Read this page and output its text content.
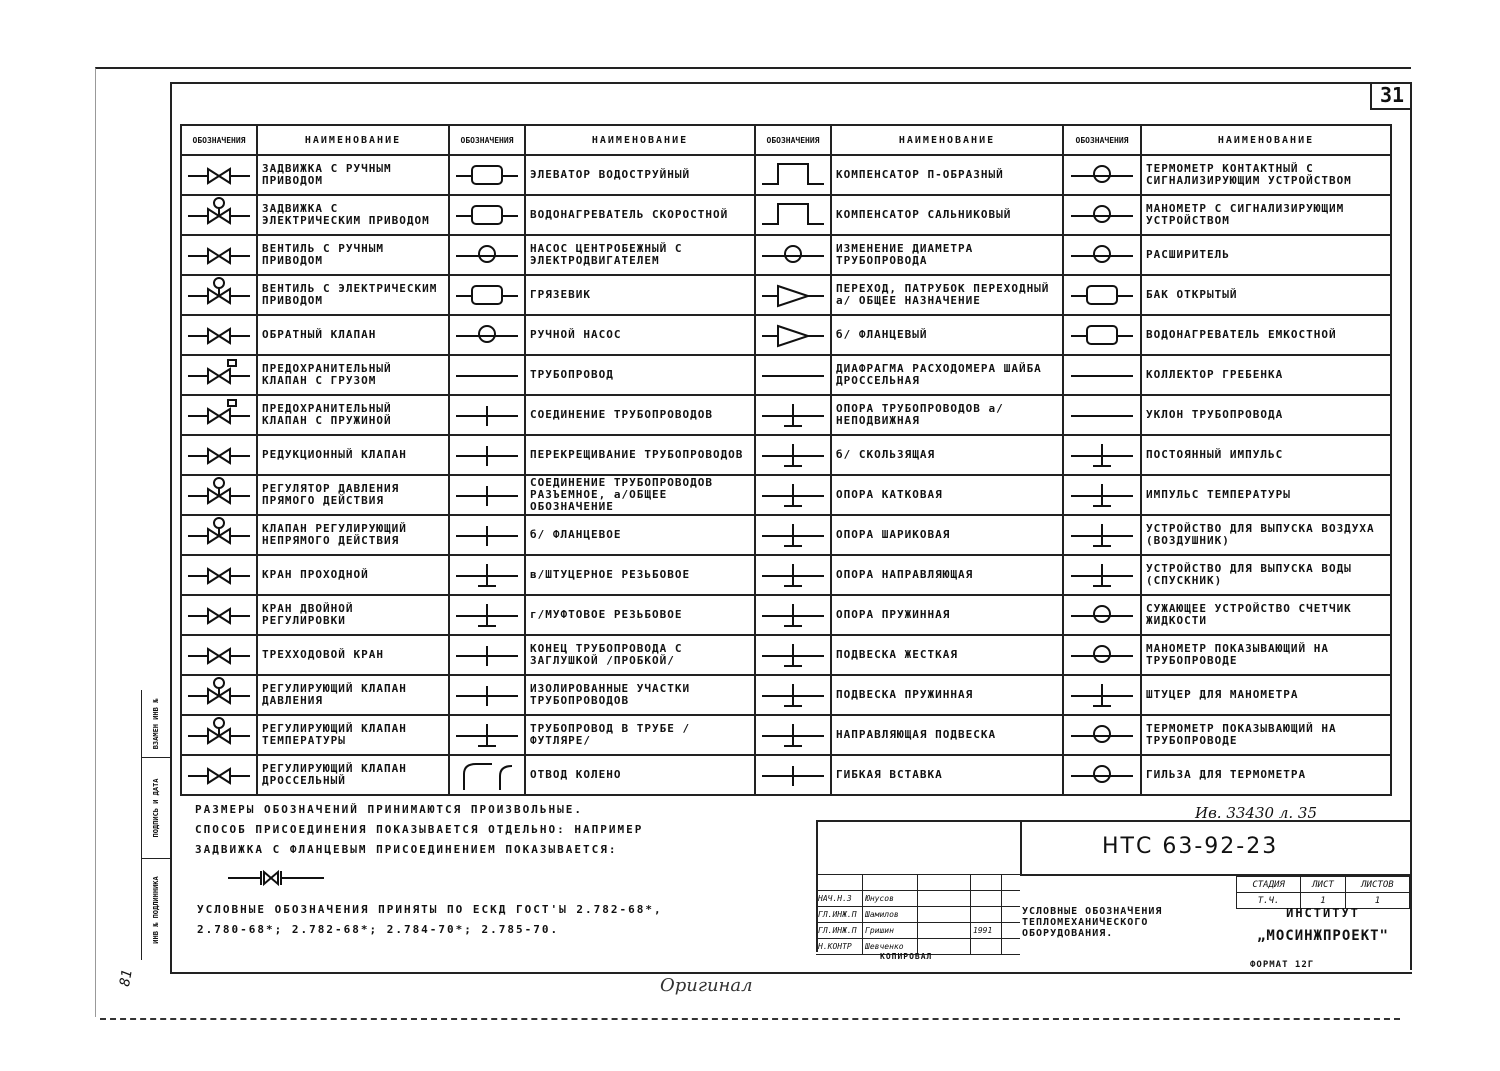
31
ОБОЗНАЧЕНИЯ	НАИМЕНОВАНИЕ	ОБОЗНАЧЕНИЯ	НАИМЕНОВАНИЕ	ОБОЗНАЧЕНИЯ	НАИМЕНОВАНИЕ	ОБОЗНАЧЕНИЯ	НАИМЕНОВАНИЕ

	ЗАДВИЖКА С РУЧНЫМ ПРИВОДОМ		ЭЛЕВАТОР ВОДОСТРУЙНЫЙ		КОМПЕНСАТОР П-ОБРАЗНЫЙ		ТЕРМОМЕТР КОНТАКТНЫЙ С СИГНАЛИЗИРУЮЩИМ УСТРОЙСТВОМ

	ЗАДВИЖКА С ЭЛЕКТРИЧЕСКИМ ПРИВОДОМ		ВОДОНАГРЕВАТЕЛЬ СКОРОСТНОЙ		КОМПЕНСАТОР САЛЬНИКОВЫЙ		МАНОМЕТР С СИГНАЛИЗИРУЮЩИМ УСТРОЙСТВОМ

	ВЕНТИЛЬ С РУЧНЫМ ПРИВОДОМ		НАСОС ЦЕНТРОБЕЖНЫЙ С ЭЛЕКТРОДВИГАТЕЛЕМ		ИЗМЕНЕНИЕ ДИАМЕТРА ТРУБОПРОВОДА		РАСШИРИТЕЛЬ

	ВЕНТИЛЬ С ЭЛЕКТРИЧЕСКИМ ПРИВОДОМ		ГРЯЗЕВИК		ПЕРЕХОД, ПАТРУБОК ПЕРЕХОДНЫЙ а/ ОБЩЕЕ НАЗНАЧЕНИЕ		БАК ОТКРЫТЫЙ

	ОБРАТНЫЙ КЛАПАН		РУЧНОЙ НАСОС		б/ ФЛАНЦЕВЫЙ		ВОДОНАГРЕВАТЕЛЬ ЕМКОСТНОЙ

	ПРЕДОХРАНИТЕЛЬНЫЙ КЛАПАН С ГРУЗОМ		ТРУБОПРОВОД		ДИАФРАГМА РАСХОДОМЕРА ШАЙБА ДРОССЕЛЬНАЯ		КОЛЛЕКТОР ГРЕБЕНКА

	ПРЕДОХРАНИТЕЛЬНЫЙ КЛАПАН С ПРУЖИНОЙ		СОЕДИНЕНИЕ ТРУБОПРОВОДОВ		ОПОРА ТРУБОПРОВОДОВ а/ НЕПОДВИЖНАЯ		УКЛОН ТРУБОПРОВОДА

	РЕДУКЦИОННЫЙ КЛАПАН		ПЕРЕКРЕЩИВАНИЕ ТРУБОПРОВОДОВ		б/ СКОЛЬЗЯЩАЯ		ПОСТОЯННЫЙ ИМПУЛЬС

	РЕГУЛЯТОР ДАВЛЕНИЯ ПРЯМОГО ДЕЙСТВИЯ		СОЕДИНЕНИЕ ТРУБОПРОВОДОВ РАЗЪЕМНОЕ, а/ОБЩЕЕ ОБОЗНАЧЕНИЕ		ОПОРА КАТКОВАЯ		ИМПУЛЬС ТЕМПЕРАТУРЫ

	КЛАПАН РЕГУЛИРУЮЩИЙ НЕПРЯМОГО ДЕЙСТВИЯ		б/ ФЛАНЦЕВОЕ		ОПОРА ШАРИКОВАЯ		УСТРОЙСТВО ДЛЯ ВЫПУСКА ВОЗДУХА (ВОЗДУШНИК)

	КРАН ПРОХОДНОЙ		в/ШТУЦЕРНОЕ РЕЗЬБОВОЕ		ОПОРА НАПРАВЛЯЮЩАЯ		УСТРОЙСТВО ДЛЯ ВЫПУСКА ВОДЫ (СПУСКНИК)

	КРАН ДВОЙНОЙ РЕГУЛИРОВКИ		г/МУФТОВОЕ РЕЗЬБОВОЕ		ОПОРА ПРУЖИННАЯ		СУЖАЮЩЕЕ УСТРОЙСТВО СЧЕТЧИК ЖИДКОСТИ

	ТРЕХХОДОВОЙ КРАН		КОНЕЦ ТРУБОПРОВОДА С ЗАГЛУШКОЙ /ПРОБКОЙ/		ПОДВЕСКА ЖЕСТКАЯ		МАНОМЕТР ПОКАЗЫВАЮЩИЙ НА ТРУБОПРОВОДЕ

	РЕГУЛИРУЮЩИЙ КЛАПАН ДАВЛЕНИЯ		ИЗОЛИРОВАННЫЕ УЧАСТКИ ТРУБОПРОВОДОВ		ПОДВЕСКА ПРУЖИННАЯ		ШТУЦЕР ДЛЯ МАНОМЕТРА

	РЕГУЛИРУЮЩИЙ КЛАПАН ТЕМПЕРАТУРЫ		ТРУБОПРОВОД В ТРУБЕ /ФУТЛЯРЕ/		НАПРАВЛЯЮЩАЯ ПОДВЕСКА		ТЕРМОМЕТР ПОКАЗЫВАЮЩИЙ НА ТРУБОПРОВОДЕ

	РЕГУЛИРУЮЩИЙ КЛАПАН ДРОССЕЛЬНЫЙ		ОТВОД КОЛЕНО		ГИБКАЯ ВСТАВКА		ГИЛЬЗА ДЛЯ ТЕРМОМЕТРА

РАЗМЕРЫ ОБОЗНАЧЕНИЙ ПРИНИМАЮТСЯ ПРОИЗВОЛЬНЫЕ.

СПОСОБ ПРИСОЕДИНЕНИЯ ПОКАЗЫВАЕТСЯ ОТДЕЛЬНО: НАПРИМЕР

ЗАДВИЖКА С ФЛАНЦЕВЫМ ПРИСОЕДИНЕНИЕМ ПОКАЗЫВАЕТСЯ:

УСЛОВНЫЕ ОБОЗНАЧЕНИЯ ПРИНЯТЫ ПО ЕСКД ГОСТ'Ы 2.782-68*,
2.780-68*; 2.782-68*; 2.784-70*; 2.785-70.
ВЗАМЕН ИНВ №
ПОДПИСЬ И ДАТА
ИНВ № ПОДЛИННИКА
Ив. 33430 л. 35
НТС 63-92-23
НАЧ.Н.З	Юнусов
ГЛ.ИНЖ.П	Шамилов
ГЛ.ИНЖ.П	Гришин	1991
Н.КОНТР	Шевченко
УСЛОВНЫЕ ОБОЗНАЧЕНИЯ ТЕПЛОМЕХАНИЧЕСКОГО ОБОРУДОВАНИЯ.
СТАДИЯ	ЛИСТ	ЛИСТОВ
Т.Ч.	1	1
ИНСТИТУТ
„МОСИНЖПРОЕКТ"
КОПИРОВАЛ
ФОРМАТ 12Г
Оригинал
81
